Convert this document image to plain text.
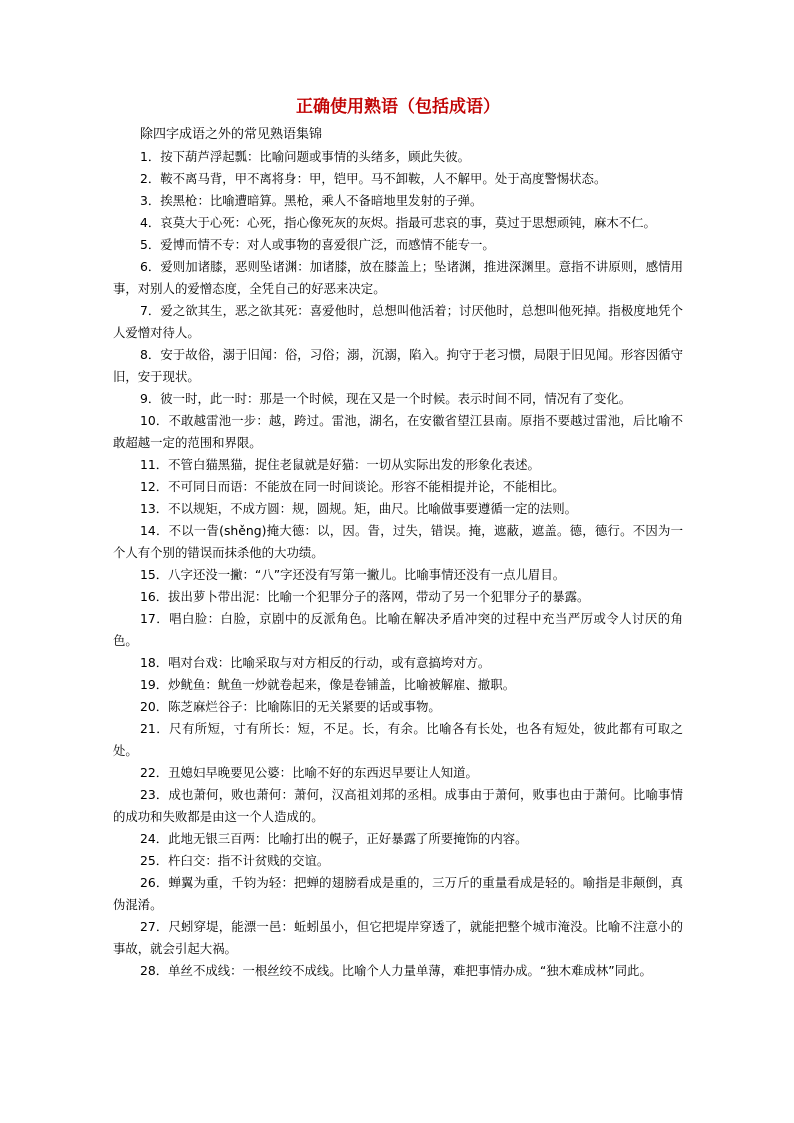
正确使用熟语（包括成语）

除四字成语之外的常见熟语集锦

1．按下葫芦浮起瓢：比喻问题或事情的头绪多，顾此失彼。

2．鞍不离马背，甲不离将身：甲，铠甲。马不卸鞍，人不解甲。处于高度警惕状态。

3．挨黑枪：比喻遭暗算。黑枪，乘人不备暗地里发射的子弹。

4．哀莫大于心死：心死，指心像死灰的灰烬。指最可悲哀的事，莫过于思想顽钝，麻木不仁。

5．爱博而情不专：对人或事物的喜爱很广泛，而感情不能专一。

6．爱则加诸膝，恶则坠诸渊：加诸膝，放在膝盖上；坠诸渊，推进深渊里。意指不讲原则，感情用事，对别人的爱憎态度，全凭自己的好恶来决定。

7．爱之欲其生，恶之欲其死：喜爱他时，总想叫他活着；讨厌他时，总想叫他死掉。指极度地凭个人爱憎对待人。

8．安于故俗，溺于旧闻：俗，习俗；溺，沉溺，陷入。拘守于老习惯，局限于旧见闻。形容因循守旧，安于现状。

9．彼一时，此一时：那是一个时候，现在又是一个时候。表示时间不同，情况有了变化。

10．不敢越雷池一步：越，跨过。雷池，湖名，在安徽省望江县南。原指不要越过雷池，后比喻不敢超越一定的范围和界限。

11．不管白猫黑猫，捉住老鼠就是好猫：一切从实际出发的形象化表述。

12．不可同日而语：不能放在同一时间谈论。形容不能相提并论，不能相比。

13．不以规矩，不成方圆：规，圆规。矩，曲尺。比喻做事要遵循一定的法则。

14．不以一眚(shěng)掩大德：以，因。眚，过失，错误。掩，遮蔽，遮盖。德，德行。不因为一个人有个别的错误而抹杀他的大功绩。

15．八字还没一撇：“八”字还没有写第一撇儿。比喻事情还没有一点儿眉目。

16．拔出萝卜带出泥：比喻一个犯罪分子的落网，带动了另一个犯罪分子的暴露。

17．唱白脸：白脸，京剧中的反派角色。比喻在解决矛盾冲突的过程中充当严厉或令人讨厌的角色。

18．唱对台戏：比喻采取与对方相反的行动，或有意搞垮对方。

19．炒鱿鱼：鱿鱼一炒就卷起来，像是卷铺盖，比喻被解雇、撤职。

20．陈芝麻烂谷子：比喻陈旧的无关紧要的话或事物。

21．尺有所短，寸有所长：短，不足。长，有余。比喻各有长处，也各有短处，彼此都有可取之处。

22．丑媳妇早晚要见公婆：比喻不好的东西迟早要让人知道。

23．成也萧何，败也萧何：萧何，汉高祖刘邦的丞相。成事由于萧何，败事也由于萧何。比喻事情的成功和失败都是由这一个人造成的。

24．此地无银三百两：比喻打出的幌子，正好暴露了所要掩饰的内容。

25．杵臼交：指不计贫贱的交谊。

26．蝉翼为重，千钧为轻：把蝉的翅膀看成是重的，三万斤的重量看成是轻的。喻指是非颠倒，真伪混淆。

27．尺蚓穿堤，能漂一邑：蚯蚓虽小，但它把堤岸穿透了，就能把整个城市淹没。比喻不注意小的事故，就会引起大祸。

28．单丝不成线：一根丝绞不成线。比喻个人力量单薄，难把事情办成。“独木难成林”同此。
